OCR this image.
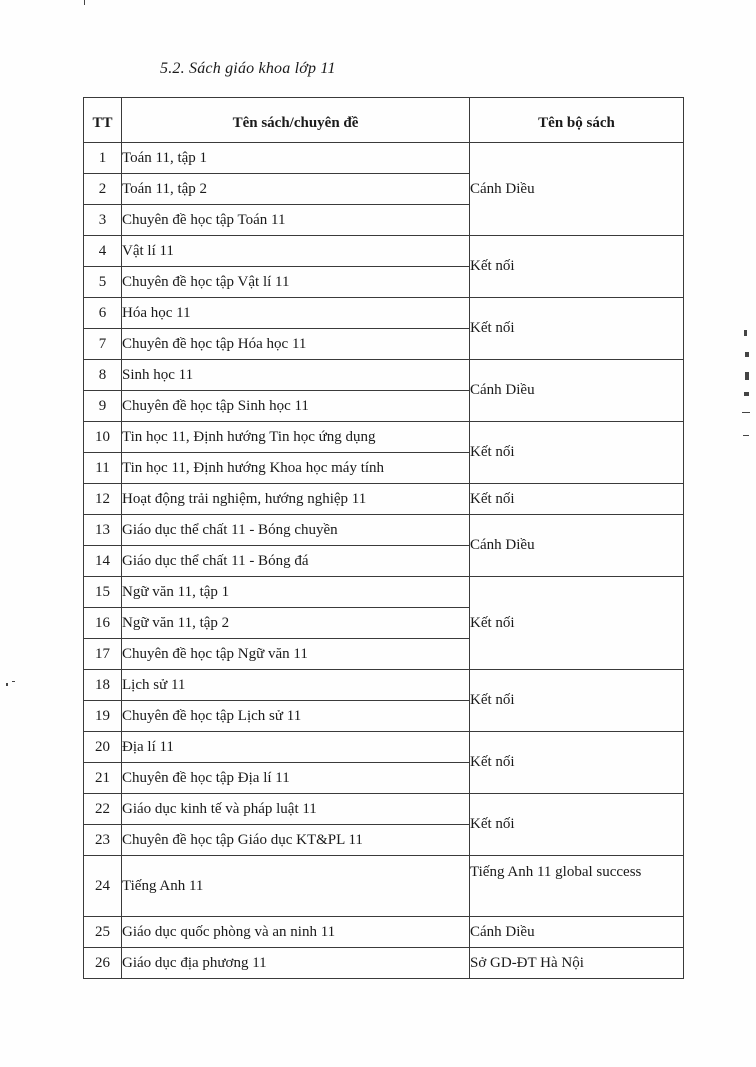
5.2. Sách giáo khoa lớp 11
TT	Tên sách/chuyên đề	Tên bộ sách
1	Toán 11, tập 1	Cánh Diều
2	Toán 11, tập 2	
3	Chuyên đề học tập Toán 11	
4	Vật lí 11	Kết nối
5	Chuyên đề học tập Vật lí 11	
6	Hóa học 11	Kết nối
7	Chuyên đề học tập Hóa học 11	
8	Sinh học 11	Cánh Diều
9	Chuyên đề học tập Sinh học 11	
10	Tin học 11, Định hướng Tin học ứng dụng	Kết nối
11	Tin học 11, Định hướng Khoa học máy tính	
12	Hoạt động trải nghiệm, hướng nghiệp 11	Kết nối
13	Giáo dục thể chất 11 - Bóng chuyền	Cánh Diều
14	Giáo dục thể chất 11 - Bóng đá	
15	Ngữ văn 11, tập 1	Kết nối
16	Ngữ văn 11, tập 2	
17	Chuyên đề học tập Ngữ văn 11	
18	Lịch sử 11	Kết nối
19	Chuyên đề học tập Lịch sử 11	
20	Địa lí 11	Kết nối
21	Chuyên đề học tập Địa lí 11	
22	Giáo dục kinh tế và pháp luật 11	Kết nối
23	Chuyên đề học tập Giáo dục KT&PL 11	
24	Tiếng Anh 11	Tiếng Anh 11 global success
25	Giáo dục quốc phòng và an ninh 11	Cánh Diều
26	Giáo dục địa phương 11	Sở GD-ĐT Hà Nội
